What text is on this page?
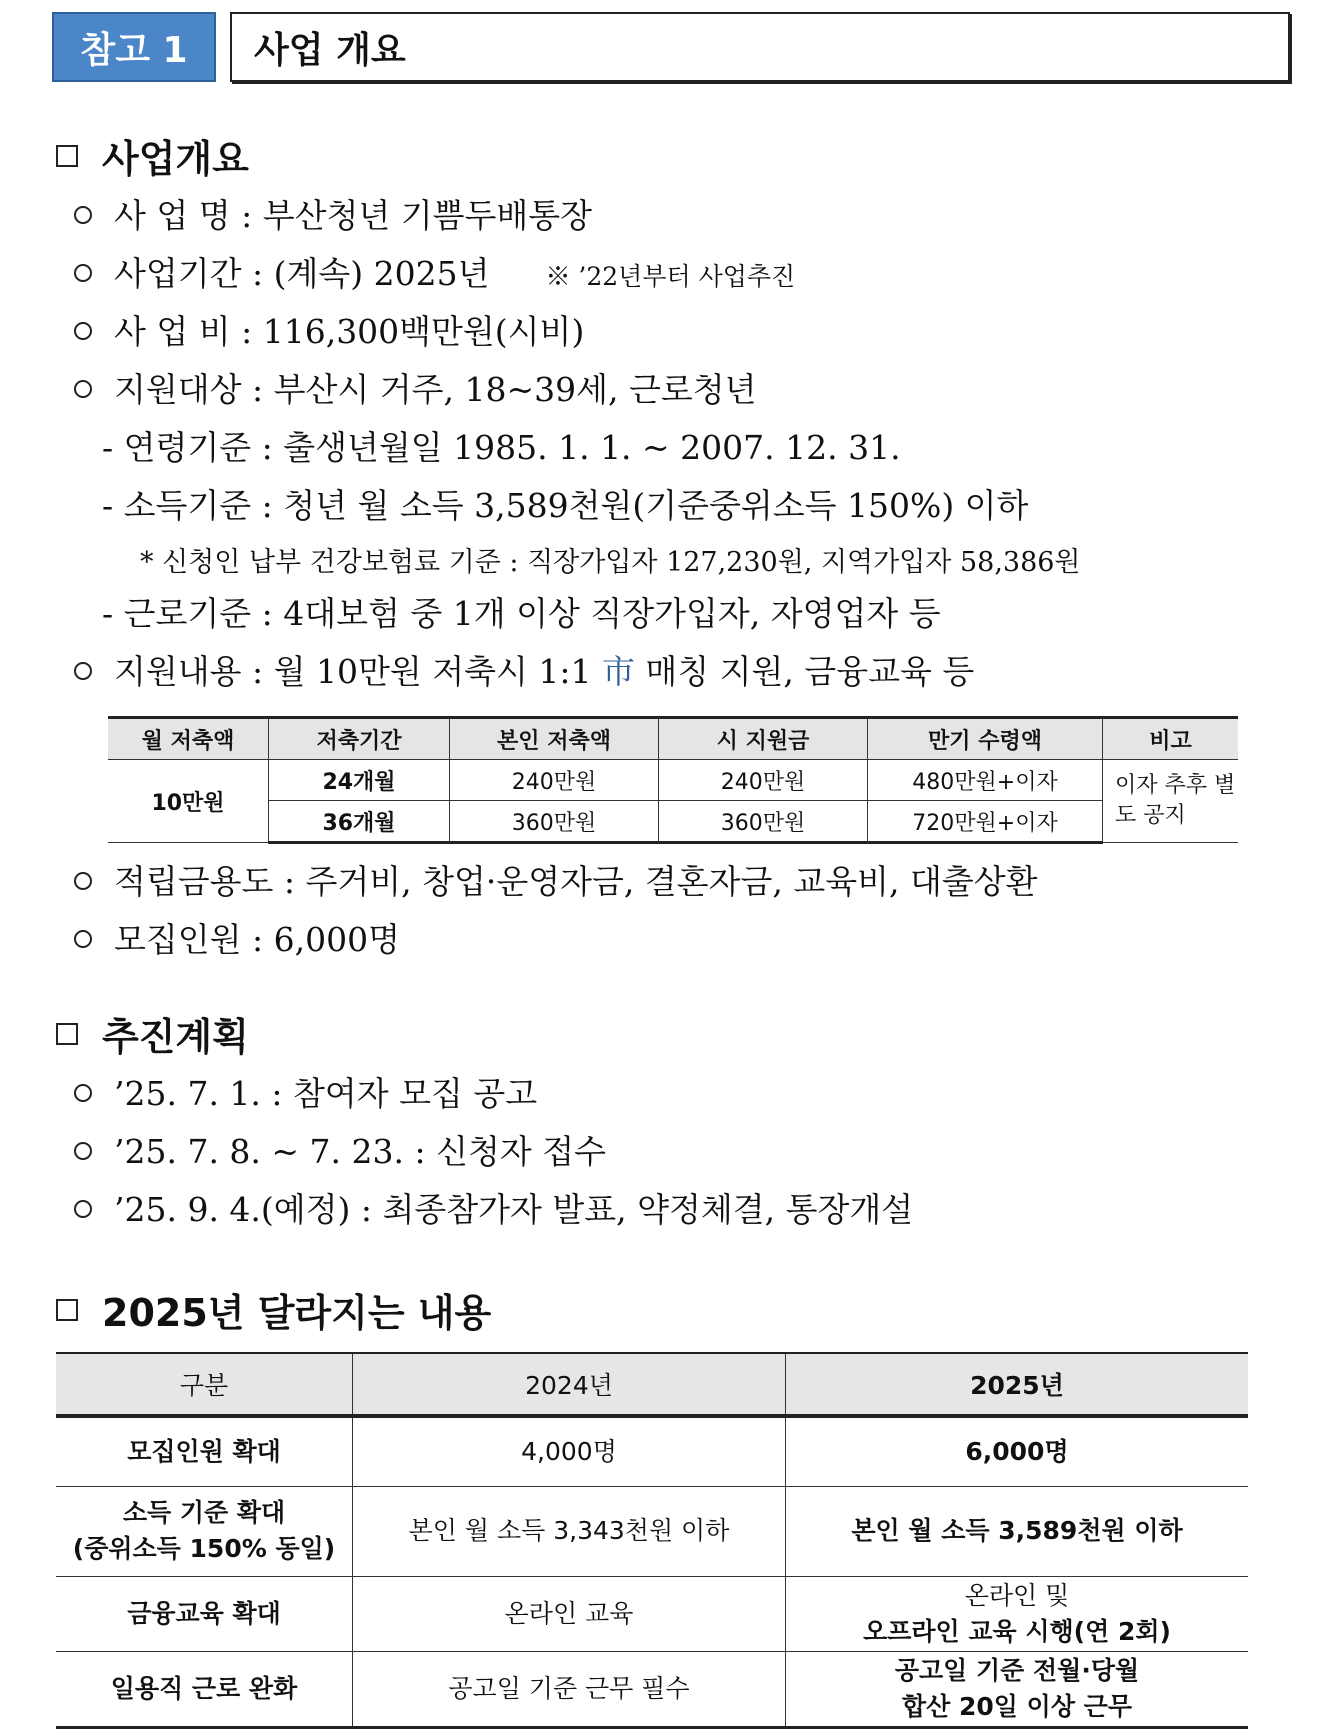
참고 1	사업 개요
사업개요
사 업 명 : 부산청년 기쁨두배통장
사업기간 : (계속) 2025년 ※ ’22년부터 사업추진
사 업 비 : 116,300백만원(시비)
지원대상 : 부산시 거주, 18~39세, 근로청년
- 연령기준 : 출생년월일 1985. 1. 1. ~ 2007. 12. 31.
- 소득기준 : 청년 월 소득 3,589천원(기준중위소득 150%) 이하
* 신청인 납부 건강보험료 기준 : 직장가입자 127,230원, 지역가입자 58,386원
- 근로기준 : 4대보험 중 1개 이상 직장가입자, 자영업자 등
지원내용 : 월 10만원 저축시 1:1 市 매칭 지원, 금융교육 등
월 저축액	저축기간	본인 저축액	시 지원금	만기 수령액	비고
10만원	24개월	240만원	240만원	480만원+이자	이자 추후 별도 공지
	36개월	360만원	360만원	720만원+이자	
적립금용도 : 주거비, 창업·운영자금, 결혼자금, 교육비, 대출상환
모집인원 : 6,000명
추진계획
’25. 7. 1. : 참여자 모집 공고
’25. 7. 8. ~ 7. 23. : 신청자 접수
’25. 9. 4.(예정) : 최종참가자 발표, 약정체결, 통장개설
2025년 달라지는 내용
구분	2024년	2025년
모집인원 확대	4,000명	6,000명

소득 기준 확대
(중위소득 150% 동일)	본인 월 소득 3,343천원 이하	본인 월 소득 3,589천원 이하
금융교육 확대	온라인 교육	온라인 및
오프라인 교육 시행(연 2회)

일용직 근로 완화	공고일 기준 근무 필수	공고일 기준 전월·당월
합산 20일 이상 근무
